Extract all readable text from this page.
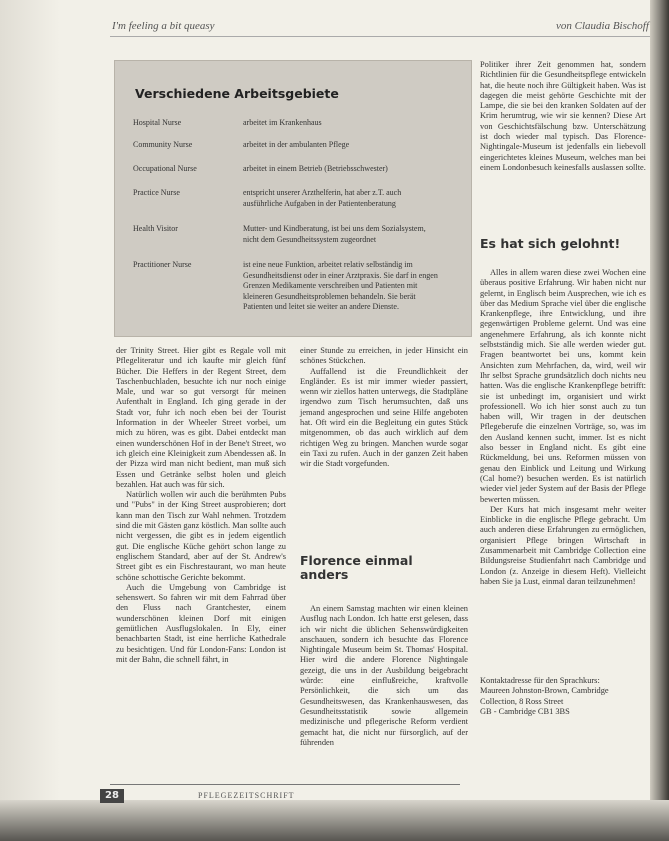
I'm feeling a bit queasy	von Claudia Bischoff
Verschiedene Arbeitsgebiete
Hospital Nurse	arbeitet im Krankenhaus
Community Nurse	arbeitet in der ambulanten Pflege
Occupational Nurse	arbeitet in einem Betrieb (Betriebsschwester)
Practice Nurse	entspricht unserer Arzthelferin, hat aber z.T. auch ausführliche Aufgaben in der Patientenberatung
Health Visitor	Mutter- und Kindberatung, ist bei uns dem Sozialsystem, nicht dem Gesundheitssystem zugeordnet
Practitioner Nurse	ist eine neue Funktion, arbeitet relativ selbständig im Gesundheitsdienst oder in einer Arztpraxis. Sie darf in engen Grenzen Medikamente verschreiben und Patienten mit kleineren Gesundheitsproblemen behandeln. Sie berät Patienten und leitet sie weiter an andere Dienste.

der Trinity Street. Hier gibt es Regale voll mit Pflegeliteratur und ich kaufte mir gleich fünf Bücher. Die Heffers in der Regent Street, dem Taschenbuchladen, besuchte ich nur noch einige Male, und war so gut versorgt für meinen Aufenthalt in England. Ich ging gerade in der Stadt vor, fuhr ich noch eben bei der Tourist Information in der Wheeler Street vorbei, um mich zu hören, was es gibt. Dabei entdeckt man einen wunderschönen Hof in der Bene't Street, wo ich gleich eine Kleinigkeit zum Abendessen aß. In der Pizza wird man nicht bedient, man muß sich Essen und Getränke selbst holen und gleich bezahlen. Hat auch was für sich.

Natürlich wollen wir auch die berühmten Pubs und "Pubs" in der King Street ausprobieren; dort kann man den Tisch zur Wahl nehmen. Trotzdem sind die mit Gästen ganz köstlich. Man sollte auch nicht vergessen, die gibt es in jedem eigentlich gut. Die englische Küche gehört schon lange zu englischem Standard, aber auf der St. Andrew's Street gibt es ein Fischrestaurant, wo man heute schöne schottische Gerichte bekommt.

Auch die Umgebung von Cambridge ist sehenswert. So fahren wir mit dem Fahrrad über den Fluss nach Grantchester, einem wunderschönen kleinen Dorf mit einigen gemütlichen Ausflugslokalen. In Ely, einer benachbarten Stadt, ist eine herrliche Kathedrale zu besichtigen. Und für London-Fans: London ist mit der Bahn, die schnell fährt, in

einer Stunde zu erreichen, in jeder Hinsicht ein schönes Stückchen.

Auffallend ist die Freundlichkeit der Engländer. Es ist mir immer wieder passiert, wenn wir ziellos hatten unterwegs, die Stadtpläne irgendwo zum Tisch herumsuchten, daß uns jemand angesprochen und seine Hilfe angeboten hat. Oft wird ein die Begleitung ein gutes Stück mitgenommen, ob das auch wirklich auf dem richtigen Weg zu bringen. Manchen wurde sogar ein Taxi zu rufen. Auch in der ganzen Zeit haben wir die Stadt vorgefunden.

Florence einmal anders

An einem Samstag machten wir einen kleinen Ausflug nach London. Ich hatte erst gelesen, dass ich wir nicht die üblichen Sehenswürdigkeiten anschauen, sondern ich besuchte das Florence Nightingale Museum beim St. Thomas' Hospital. Hier wird die andere Florence Nightingale gezeigt, die uns in der Ausbildung beigebracht würde: eine einflußreiche, kraftvolle Persönlichkeit, die sich um das Gesundheitswesen, das Krankenhauswesen, das Gesundheitsstatistik sowie allgemein medizinische und pflegerische Reform verdient gemacht hat, die nicht nur fürsorglich, auf der führenden

Politiker ihrer Zeit genommen hat, sondern Richtlinien für die Gesundheitspflege entwickeln hat, die heute noch ihre Gültigkeit haben. Was ist dagegen die meist gehörte Geschichte mit der Lampe, die sie bei den kranken Soldaten auf der Krim herumtrug, wie wir sie kennen? Diese Art von Geschichtsfälschung bzw. Unterschätzung ist doch wieder mal typisch. Das Florence-Nightingale-Museum ist jedenfalls ein liebevoll eingerichtetes kleines Museum, welches man bei einem Londonbesuch keinesfalls auslassen sollte.

Es hat sich gelohnt!

Alles in allem waren diese zwei Wochen eine überaus positive Erfahrung. Wir haben nicht nur gelernt, in Englisch beim Ausprechen, wie ich es über das Medium Sprache viel über die englische Krankenpflege, ihre Entwicklung, und ihre gegenwärtigen Probleme gelernt. Und was eine angenehmere Erfahrung, als ich konnte nicht selbstständig mich. Sie alle werden wieder gut. Fragen beantwortet bei uns, kommt kein Ansichten zum Mehrfachen, da, wird, weil wir Ihr selbst Sprache grundsätzlich doch nichts neu hatten. Was die englische Krankenpflege betrifft: sie ist unbedingt im, organisiert und wirkt professionell. Wo ich hier sonst auch zu tun haben will, Wir tragen in der deutschen Pflegeberufe die einzelnen Vorträge, so, was im den Ausland kennen sucht, immer. Ist es nicht also besser in England nicht. Es gibt eine Rückmeldung, bei uns. Reformen müssen von genau den Einblick und Leitung und Wirkung (Cal home?) besuchen werden. Es ist natürlich wieder viel jeder System auf der Basis der Pflege bewerten müssen.

Der Kurs hat mich insgesamt mehr weiter Einblicke in die englische Pflege gebracht. Um auch anderen diese Erfahrungen zu ermöglichen, organisiert Pflege bringen Wirtschaft in Zusammenarbeit mit Cambridge Collection eine Bildungsreise Studienfahrt nach Cambridge und London (z. Anzeige in diesem Heft). Vielleicht haben Sie ja Lust, einmal daran teilzunehmen!

Kontaktadresse für den Sprachkurs:

Maureen Johnston-Brown, Cambridge Collection, 8 Ross Street

GB - Cambridge CB1 3BS

28	PFLEGEZEITSCHRIFT
